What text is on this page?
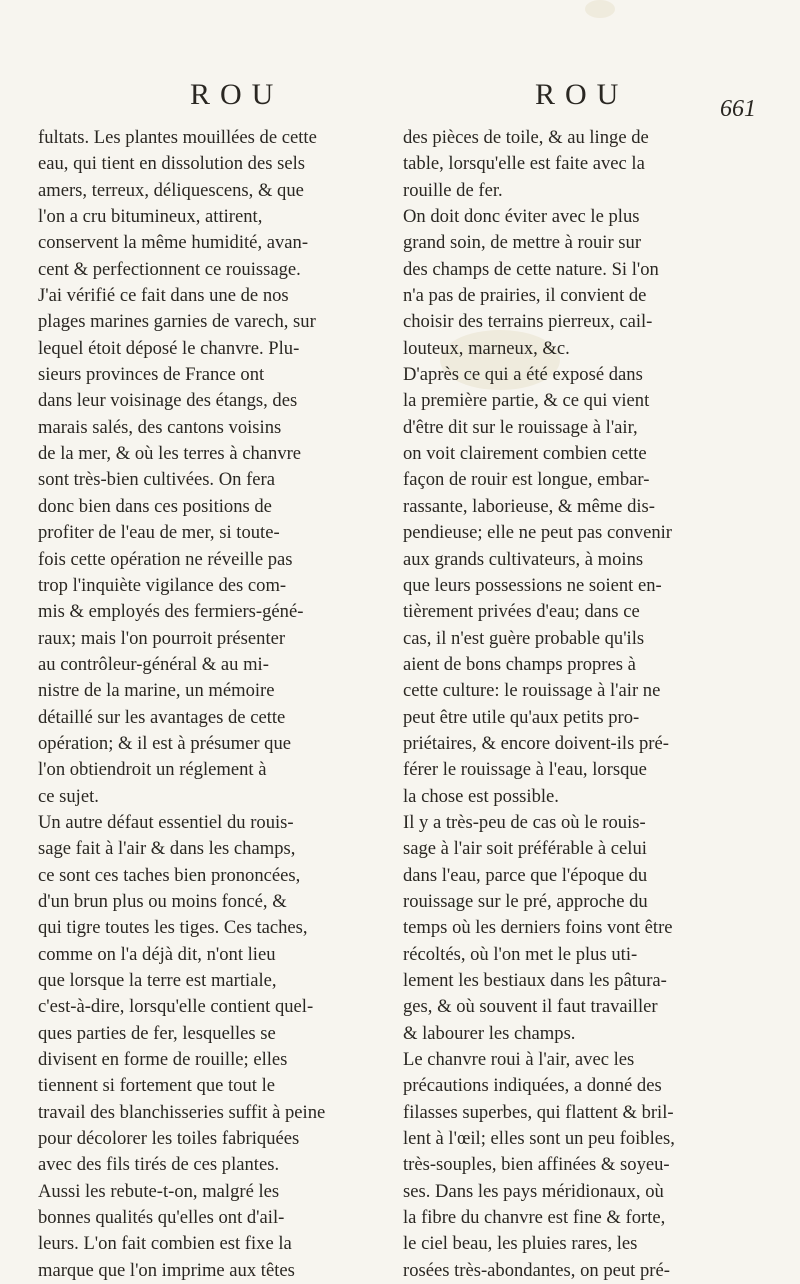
ROU	ROU	661
fultats. Les plantes mouillées de cette
eau, qui tient en dissolution des sels
amers, terreux, déliquescens, & que
l'on a cru bitumineux, attirent,
conservent la même humidité, avan-
cent & perfectionnent ce rouissage.
J'ai vérifié ce fait dans une de nos
plages marines garnies de varech, sur
lequel étoit déposé le chanvre. Plu-
sieurs provinces de France ont
dans leur voisinage des étangs, des
marais salés, des cantons voisins
de la mer, & où les terres à chanvre
sont très-bien cultivées. On fera
donc bien dans ces positions de
profiter de l'eau de mer, si toute-
fois cette opération ne réveille pas
trop l'inquiète vigilance des com-
mis & employés des fermiers-géné-
raux; mais l'on pourroit présenter
au contrôleur-général & au mi-
nistre de la marine, un mémoire
détaillé sur les avantages de cette
opération; & il est à présumer que
l'on obtiendroit un réglement à
ce sujet.
Un autre défaut essentiel du rouis-
sage fait à l'air & dans les champs,
ce sont ces taches bien prononcées,
d'un brun plus ou moins foncé, &
qui tigre toutes les tiges. Ces taches,
comme on l'a déjà dit, n'ont lieu
que lorsque la terre est martiale,
c'est-à-dire, lorsqu'elle contient quel-
ques parties de fer, lesquelles se
divisent en forme de rouille; elles
tiennent si fortement que tout le
travail des blanchisseries suffit à peine
pour décolorer les toiles fabriquées
avec des fils tirés de ces plantes.
Aussi les rebute-t-on, malgré les
bonnes qualités qu'elles ont d'ail-
leurs. L'on fait combien est fixe la
marque que l'on imprime aux têtes
des pièces de toile, & au linge de
table, lorsqu'elle est faite avec la
rouille de fer.
On doit donc éviter avec le plus
grand soin, de mettre à rouir sur
des champs de cette nature. Si l'on
n'a pas de prairies, il convient de
choisir des terrains pierreux, cail-
louteux, marneux, &c.
D'après ce qui a été exposé dans
la première partie, & ce qui vient
d'être dit sur le rouissage à l'air,
on voit clairement combien cette
façon de rouir est longue, embar-
rassante, laborieuse, & même dis-
pendieuse; elle ne peut pas convenir
aux grands cultivateurs, à moins
que leurs possessions ne soient en-
tièrement privées d'eau; dans ce
cas, il n'est guère probable qu'ils
aient de bons champs propres à
cette culture: le rouissage à l'air ne
peut être utile qu'aux petits pro-
priétaires, & encore doivent-ils pré-
férer le rouissage à l'eau, lorsque
la chose est possible.
Il y a très-peu de cas où le rouis-
sage à l'air soit préférable à celui
dans l'eau, parce que l'époque du
rouissage sur le pré, approche du
temps où les derniers foins vont être
récoltés, où l'on met le plus uti-
lement les bestiaux dans les pâtura-
ges, & où souvent il faut travailler
& labourer les champs.
Le chanvre roui à l'air, avec les
précautions indiquées, a donné des
filasses superbes, qui flattent & bril-
lent à l'œil; elles sont un peu foibles,
très-souples, bien affinées & soyeu-
ses. Dans les pays méridionaux, où
la fibre du chanvre est fine & forte,
le ciel beau, les pluies rares, les
rosées très-abondantes, on peut pré-
